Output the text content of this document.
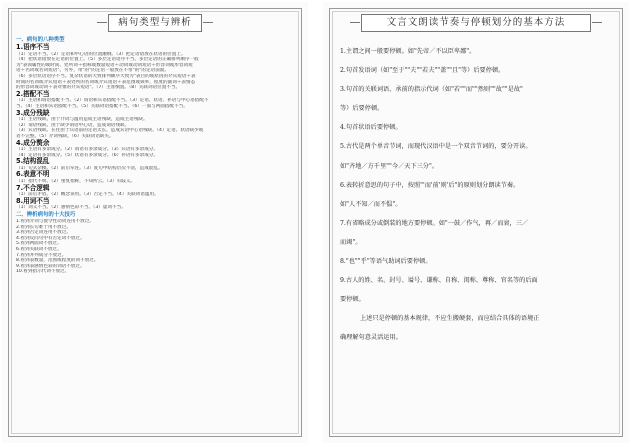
病句类型与辨析
一、病句的八种类型
1.语序不当
（1）定语不当。（2）定语和中心语的位置颠倒。（3）把定语错放在状语的位置上。
（4）把状语错放在定语的位置上。（5）多层定语语序不当。多层定语的正确排列顺序一般
为"表领属性的或时间、处所词＋指称或数量短语＋动词或动词短语＋形容词或形容词短
语＋名词或名词短语"。另外，带"的"的定语一般放在不带"的"的定语前面。
（6）多层状语语序不当。复杂状语的大致排列顺序大致为"表目的或原因的介宾短语＋表
时间的名词或介宾短语＋表处所的名词或介宾短语＋表范围或频率，程度的副词＋表情态
的形容词或动词＋表对象的介宾短语"。（7）主客倒置。（8）关联词语位置不当。
2.搭配不当
（1）主语和谓语搭配不当。（2）谓语和宾语搭配不当。（3）定语、状语、补语与中心语搭配不
当。（4）主语和宾语搭配不当。（5）关联词语搭配不当。（6）一面与两面搭配不当。
3.成分残缺
（1）主语残缺。由于介词与滥用造成主语残缺，造成主语残缺。
（2）谓语残缺。由于缺少谓语中心语，造成谓语残缺。
（3）宾语残缺。在往由于宾语前的定语太长，造成宾语中心语残缺。（4）定语、状语缺少或
者不完整。（5）介词残缺。（6）关联词语缺失。
4.成分赘余
（1）主语有多余成分。（2）谓语有多余成分。（3）宾语有多余成分。
（4）定语有多余成分。（5）状语有多余成分。（6）补语有多余成分。
5.结构混乱
（1）句式杂糅。（2）前后牵连。（3）复句中结构层次不清，造成混乱。
6.表意不明
（1）指代不明。（2）重复指称，不知所云。（3）有歧义。
7.不合逻辑
（1）前后矛盾。（2）概念误用。（3）否定不当。（4）关联词语滥用。
8.用词不当
（1）词义不当。（2）感情色彩不当。（3）虚词不当。
二、辨析病句的十大技巧
1.看到介词与使令性动词连用不放过。
2.看到长句难于用不放过。
3.看到否定词连用不放过。
4.看到反问句中有否定词不放过。
5.看到两面词不放过。
6.看到关联词不放过。
7.看到并列成分不放过。
8.看到表数量，范围或程度的词不放过。
9.看到表感情色彩的词语不放过。
10.看到指示代词不放过。
文言文朗读节奏与停顿划分的基本方法
1.主谓之间一般要停顿。如"先帝／不以臣卑鄙"。
2.句首发语词（如"至于""夫""若夫""盖""且"等）后要停顿。
3.句首的关联词语、承前的指示代词（如"若""而""然则""故""是故"
等）后要停顿。
4.句首状语后要停顿。
5.古代是两个单音节词，而现代汉语中是一个双音节词的，要分开读。
如"齐地／方千里""今／天下三分"。
6.表转折意思的句子中，按照"'而'前'则'后"的原则划分朗读节奏。
如"人不知／而不愠"。
7.有省略成分或倒装的地方要停顿。如"一鼓／作气，再／而衰，三／
而竭"。
8."也""乎"等语气助词后要停顿。
9.古人的姓、名、封号、谥号、谦称、自称、闺称、尊称、官名等的后面
要停顿。
上述只是停顿的基本规律，不应生搬硬套，而应结合具体的语境正
确理解句意灵活运用。
